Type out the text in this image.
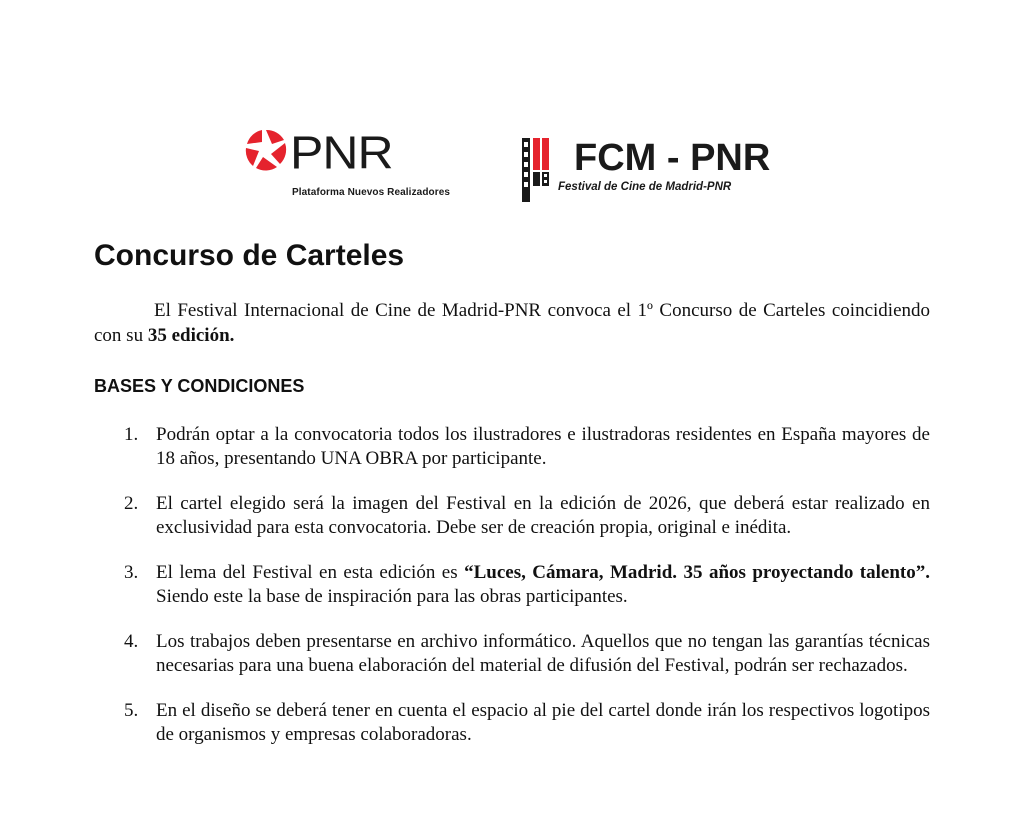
PNR
Plataforma Nuevos Realizadores
FCM - PNR
Festival de Cine de Madrid-PNR
Concurso de Carteles

El Festival Internacional de Cine de Madrid-PNR convoca el 1º Concurso de Carteles coincidiendo con su 35 edición.

BASES Y CONDICIONES
1. Podrán optar a la convocatoria todos los ilustradores e ilustradoras residentes en España mayores de 18 años, presentando UNA OBRA por participante.
2. El cartel elegido será la imagen del Festival en la edición de 2026, que deberá estar realizado en exclusividad para esta convocatoria. Debe ser de creación propia, original e inédita.
3. El lema del Festival en esta edición es “Luces, Cámara, Madrid. 35 años proyectando talento”. Siendo este la base de inspiración para las obras participantes.
4. Los trabajos deben presentarse en archivo informático. Aquellos que no tengan las garantías técnicas necesarias para una buena elaboración del material de difusión del Festival, podrán ser rechazados.
5. En el diseño se deberá tener en cuenta el espacio al pie del cartel donde irán los respectivos logotipos de organismos y empresas colaboradoras.
